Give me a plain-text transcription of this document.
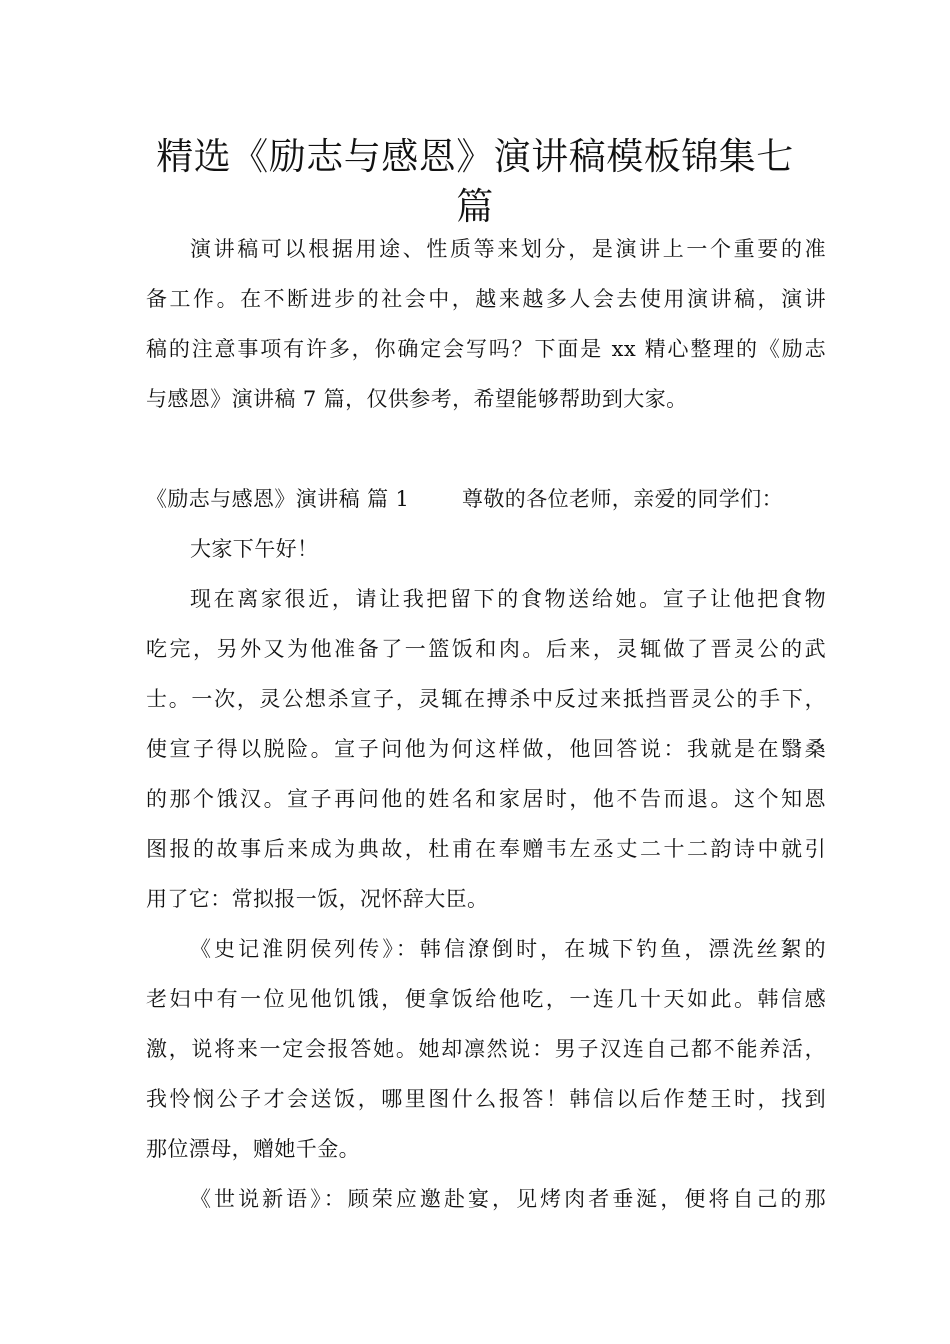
精选《励志与感恩》演讲稿模板锦集七
篇
演讲稿可以根据用途、性质等来划分，是演讲上一个重要的准
备工作。在不断进步的社会中，越来越多人会去使用演讲稿，演讲
稿的注意事项有许多，你确定会写吗？下面是 xx 精心整理的《励志
与感恩》演讲稿 7 篇，仅供参考，希望能够帮助到大家。
《励志与感恩》演讲稿 篇 1	尊敬的各位老师，亲爱的同学们：
大家下午好！
现在离家很近，请让我把留下的食物送给她。宣子让他把食物
吃完，另外又为他准备了一篮饭和肉。后来，灵辄做了晋灵公的武
士。一次，灵公想杀宣子，灵辄在搏杀中反过来抵挡晋灵公的手下，
使宣子得以脱险。宣子问他为何这样做，他回答说：我就是在翳桑
的那个饿汉。宣子再问他的姓名和家居时，他不告而退。这个知恩
图报的故事后来成为典故，杜甫在奉赠韦左丞丈二十二韵诗中就引
用了它：常拟报一饭，况怀辞大臣。
《史记淮阴侯列传》：韩信潦倒时，在城下钓鱼，漂洗丝絮的
老妇中有一位见他饥饿，便拿饭给他吃，一连几十天如此。韩信感
激，说将来一定会报答她。她却凛然说：男子汉连自己都不能养活，
我怜悯公子才会送饭，哪里图什么报答！韩信以后作楚王时，找到
那位漂母，赠她千金。
《世说新语》：顾荣应邀赴宴，见烤肉者垂涎，便将自己的那
